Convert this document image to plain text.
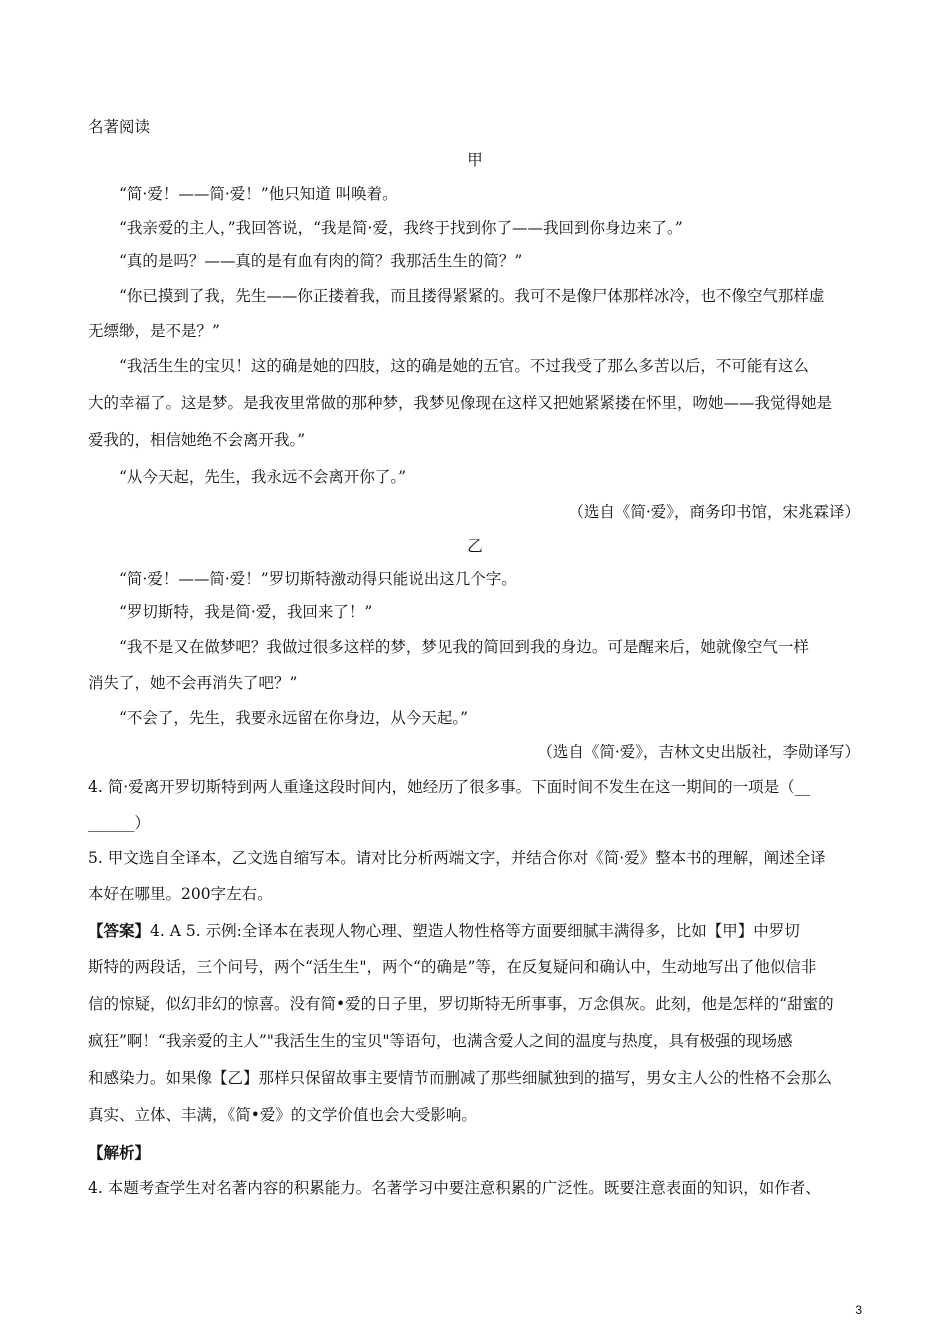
名著阅读
甲
“简·爱！——简·爱！”他只知道 叫唤着。
“我亲爱的主人，”我回答说，“我是简·爱，我终于找到你了——我回到你身边来了。”
“真的是吗？——真的是有血有肉的简？我那活生生的简？”
“你已摸到了我，先生——你正搂着我，而且搂得紧紧的。我可不是像尸体那样冰冷，也不像空气那样虚
无缥缈，是不是？”
“我活生生的宝贝！这的确是她的四肢，这的确是她的五官。不过我受了那么多苦以后，不可能有这么
大的幸福了。这是梦。是我夜里常做的那种梦，我梦见像现在这样又把她紧紧搂在怀里，吻她——我觉得她是
爱我的，相信她绝不会离开我。”
“从今天起，先生，我永远不会离开你了。”
（选自《简·爱》，商务印书馆，宋兆霖译）
乙
“简·爱！——简·爱！”罗切斯特激动得只能说出这几个字。
“罗切斯特，我是简·爱，我回来了！”
“我不是又在做梦吧？我做过很多这样的梦，梦见我的简回到我的身边。可是醒来后，她就像空气一样
消失了，她不会再消失了吧？”
“不会了，先生，我要永远留在你身边，从今天起。”
（选自《简·爱》，吉林文史出版社，李勋译写）
4. 简·爱离开罗切斯特到两人重逢这段时间内，她经历了很多事。下面时间不发生在这一期间的一项是（__
______）
5. 甲文选自全译本，乙文选自缩写本。请对比分析两端文字，并结合你对《简·爱》整本书的理解，阐述全译
本好在哪里。200字左右。
【答案】4. A 5. 示例:全译本在表现人物心理、塑造人物性格等方面要细腻丰满得多，比如【甲】中罗切
斯特的两段话，三个问号，两个“活生生"，两个“的确是”等，在反复疑问和确认中，生动地写出了他似信非
信的惊疑，似幻非幻的惊喜。没有简•爱的日子里，罗切斯特无所事事，万念俱灰。此刻，他是怎样的“甜蜜的
疯狂”啊！“我亲爱的主人”"我活生生的宝贝"等语句，也满含爱人之间的温度与热度，具有极强的现场感
和感染力。如果像【乙】那样只保留故事主要情节而删减了那些细腻独到的描写，男女主人公的性格不会那么
真实、立体、丰满，《简•爱》的文学价值也会大受影响。
【解析】
4. 本题考查学生对名著内容的积累能力。名著学习中要注意积累的广泛性。既要注意表面的知识，如作者、
3
